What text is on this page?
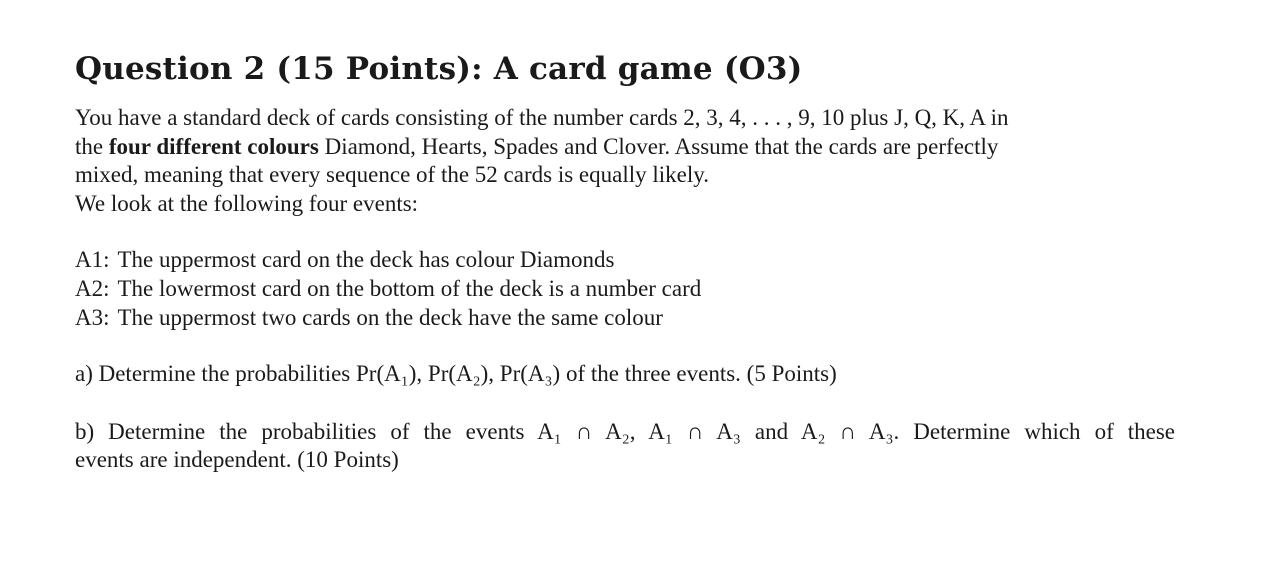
Question 2 (15 Points): A card game (O3)
You have a standard deck of cards consisting of the number cards 2, 3, 4, . . . , 9, 10 plus J, Q, K, A in
the four different colours Diamond, Hearts, Spades and Clover. Assume that the cards are perfectly
mixed, meaning that every sequence of the 52 cards is equally likely.
We look at the following four events:
A1: The uppermost card on the deck has colour Diamonds
A2: The lowermost card on the bottom of the deck is a number card
A3: The uppermost two cards on the deck have the same colour
a) Determine the probabilities Pr(A₁), Pr(A₂), Pr(A₃) of the three events. (5 Points)
b) Determine the probabilities of the events A₁ ∩ A₂, A₁ ∩ A₃ and A₂ ∩ A₃. Determine which of these
events are independent. (10 Points)
